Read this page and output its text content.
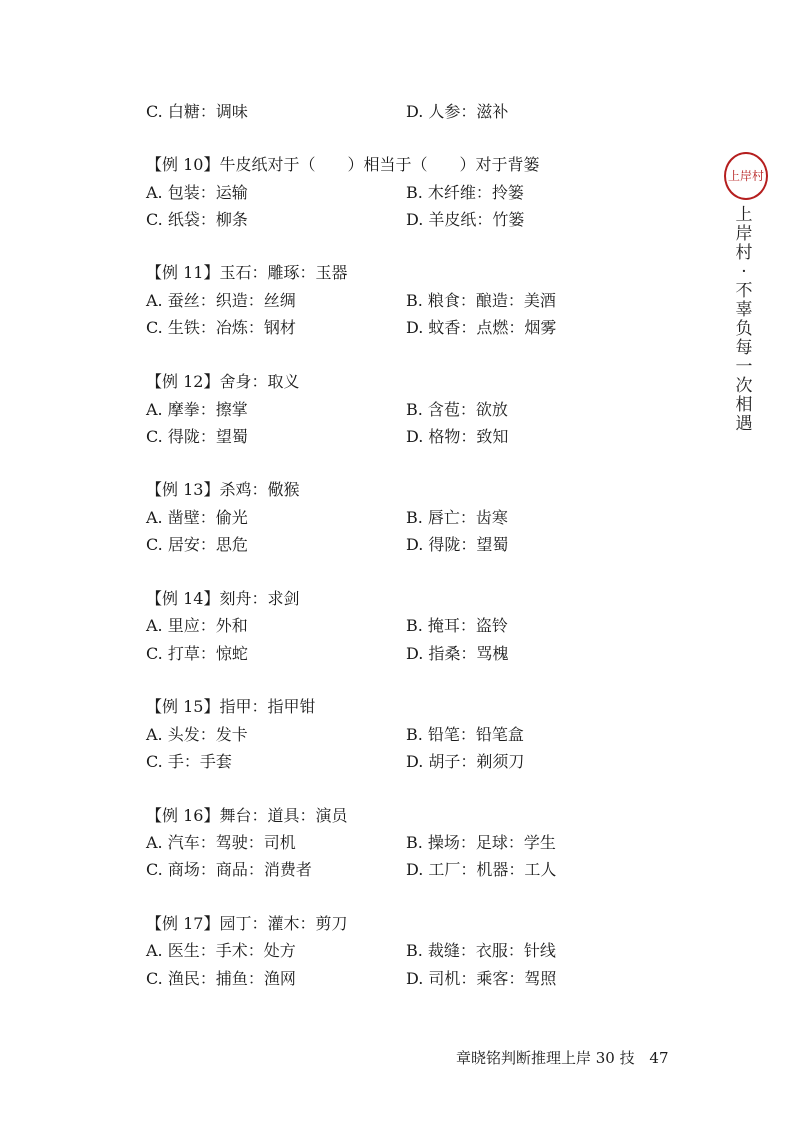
上岸村
上岸村·不辜负每一次相遇
C. 白糖：调味	D. 人参：滋补
【例 10】牛皮纸对于（　　）相当于（　　）对于背篓
A. 包装：运输	B. 木纤维：拎篓
C. 纸袋：柳条	D. 羊皮纸：竹篓
【例 11】玉石：雕琢：玉器
A. 蚕丝：织造：丝绸	B. 粮食：酿造：美酒
C. 生铁：冶炼：钢材	D. 蚊香：点燃：烟雾
【例 12】舍身：取义
A. 摩拳：擦掌	B. 含苞：欲放
C. 得陇：望蜀	D. 格物：致知
【例 13】杀鸡：儆猴
A. 凿壁：偷光	B. 唇亡：齿寒
C. 居安：思危	D. 得陇：望蜀
【例 14】刻舟：求剑
A. 里应：外和	B. 掩耳：盗铃
C. 打草：惊蛇	D. 指桑：骂槐
【例 15】指甲：指甲钳
A. 头发：发卡	B. 铅笔：铅笔盒
C. 手：手套	D. 胡子：剃须刀
【例 16】舞台：道具：演员
A. 汽车：驾驶：司机	B. 操场：足球：学生
C. 商场：商品：消费者	D. 工厂：机器：工人
【例 17】园丁：灌木：剪刀
A. 医生：手术：处方	B. 裁缝：衣服：针线
C. 渔民：捕鱼：渔网	D. 司机：乘客：驾照
章晓铭判断推理上岸 30 技 47
